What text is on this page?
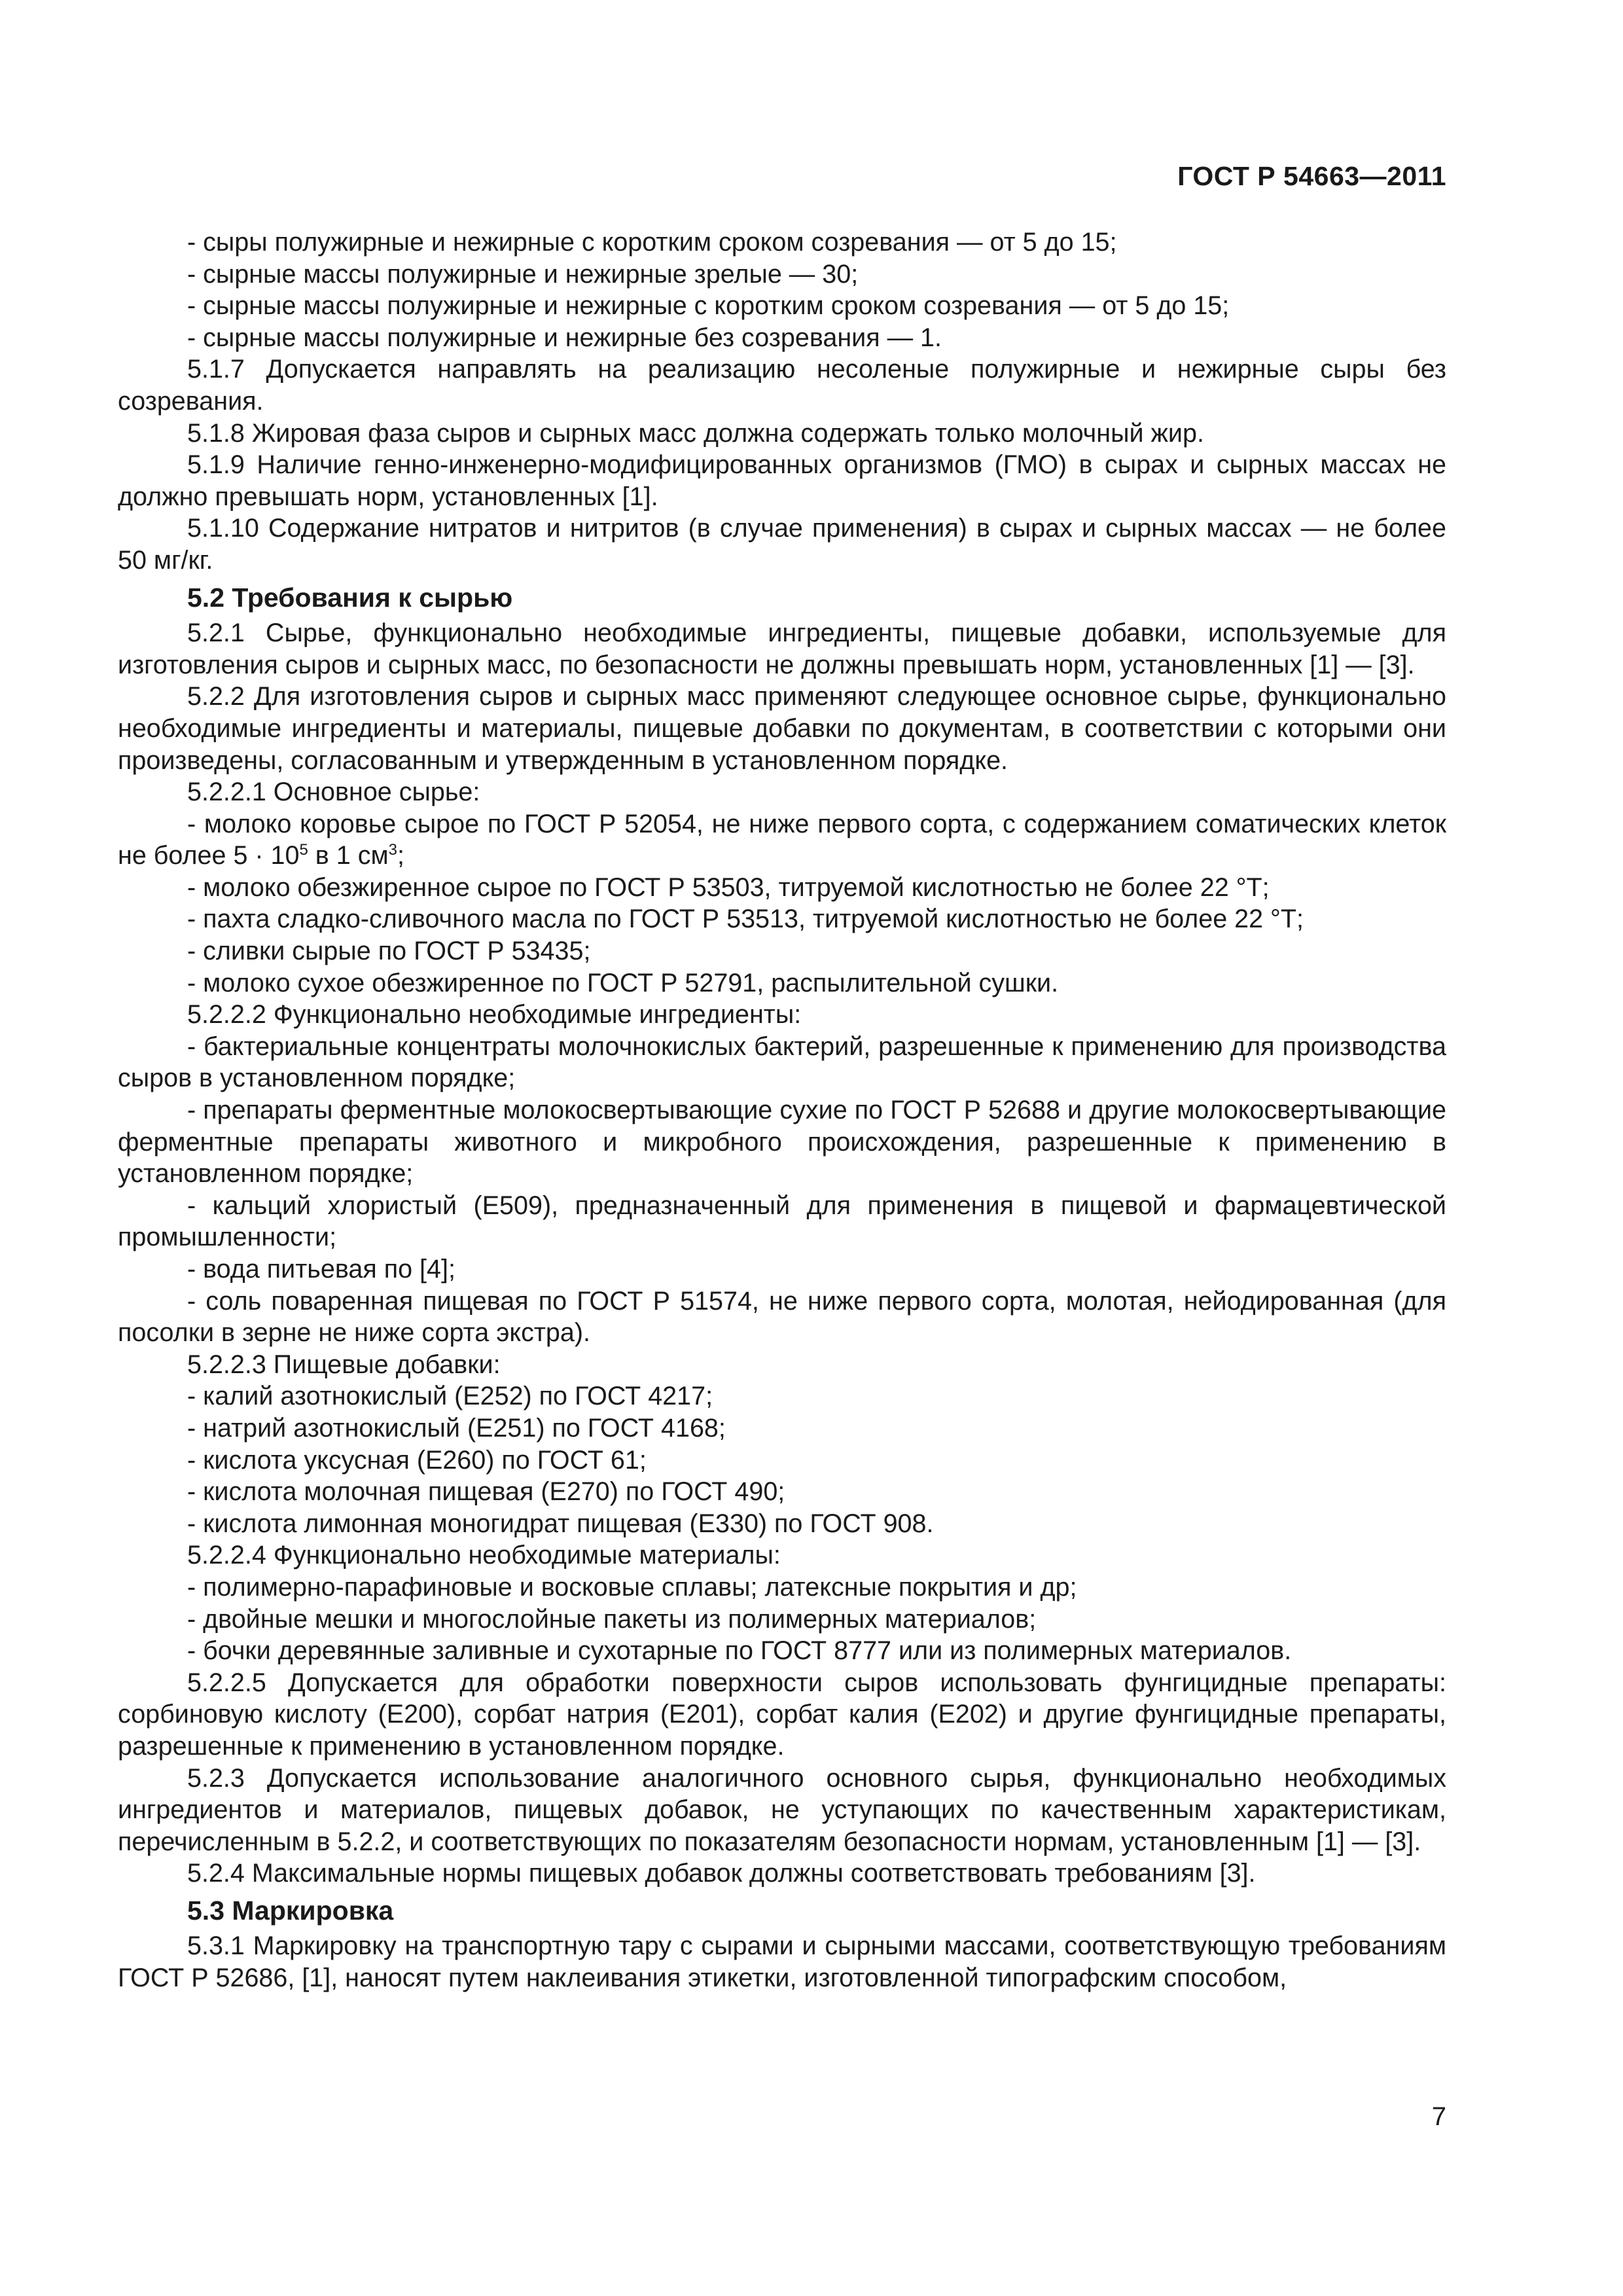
ГОСТ Р 54663—2011

- сыры полужирные и нежирные с коротким сроком созревания — от 5 до 15;

- сырные массы полужирные и нежирные зрелые — 30;

- сырные массы полужирные и нежирные с коротким сроком созревания — от 5 до 15;

- сырные массы полужирные и нежирные без созревания — 1.

5.1.7 Допускается направлять на реализацию несоленые полужирные и нежирные сыры без созревания.

5.1.8 Жировая фаза сыров и сырных масс должна содержать только молочный жир.

5.1.9 Наличие генно-инженерно-модифицированных организмов (ГМО) в сырах и сырных массах не должно превышать норм, установленных [1].

5.1.10 Содержание нитратов и нитритов (в случае применения) в сырах и сырных массах — не более 50 мг/кг.

5.2 Требования к сырью

5.2.1 Сырье, функционально необходимые ингредиенты, пищевые добавки, используемые для изготовления сыров и сырных масс, по безопасности не должны превышать норм, установленных [1] — [3].

5.2.2 Для изготовления сыров и сырных масс применяют следующее основное сырье, функционально необходимые ингредиенты и материалы, пищевые добавки по документам, в соответствии с которыми они произведены, согласованным и утвержденным в установленном порядке.

5.2.2.1 Основное сырье:

- молоко коровье сырое по ГОСТ Р 52054, не ниже первого сорта, с содержанием соматических клеток не более $5 \cdot 10^5$ в 1 $см^3$;

- молоко обезжиренное сырое по ГОСТ Р 53503, титруемой кислотностью не более 22 °Т;

- пахта сладко-сливочного масла по ГОСТ Р 53513, титруемой кислотностью не более 22 °Т;

- сливки сырые по ГОСТ Р 53435;

- молоко сухое обезжиренное по ГОСТ Р 52791, распылительной сушки.

5.2.2.2 Функционально необходимые ингредиенты:

- бактериальные концентраты молочнокислых бактерий, разрешенные к применению для производства сыров в установленном порядке;

- препараты ферментные молокосвертывающие сухие по ГОСТ Р 52688 и другие молокосвертывающие ферментные препараты животного и микробного происхождения, разрешенные к применению в установленном порядке;

- кальций хлористый (Е509), предназначенный для применения в пищевой и фармацевтической промышленности;

- вода питьевая по [4];

- соль поваренная пищевая по ГОСТ Р 51574, не ниже первого сорта, молотая, нейодированная (для посолки в зерне не ниже сорта экстра).

5.2.2.3 Пищевые добавки:

- калий азотнокислый (Е252) по ГОСТ 4217;

- натрий азотнокислый (Е251) по ГОСТ 4168;

- кислота уксусная (Е260) по ГОСТ 61;

- кислота молочная пищевая (Е270) по ГОСТ 490;

- кислота лимонная моногидрат пищевая (Е330) по ГОСТ 908.

5.2.2.4 Функционально необходимые материалы:

- полимерно-парафиновые и восковые сплавы; латексные покрытия и др;

- двойные мешки и многослойные пакеты из полимерных материалов;

- бочки деревянные заливные и сухотарные по ГОСТ 8777 или из полимерных материалов.

5.2.2.5 Допускается для обработки поверхности сыров использовать фунгицидные препараты: сорбиновую кислоту (Е200), сорбат натрия (Е201), сорбат калия (Е202) и другие фунгицидные препараты, разрешенные к применению в установленном порядке.

5.2.3 Допускается использование аналогичного основного сырья, функционально необходимых ингредиентов и материалов, пищевых добавок, не уступающих по качественным характеристикам, перечисленным в 5.2.2, и соответствующих по показателям безопасности нормам, установленным [1] — [3].

5.2.4 Максимальные нормы пищевых добавок должны соответствовать требованиям [3].

5.3 Маркировка

5.3.1 Маркировку на транспортную тару с сырами и сырными массами, соответствующую требованиям ГОСТ Р 52686, [1], наносят путем наклеивания этикетки, изготовленной типографским способом,

7
